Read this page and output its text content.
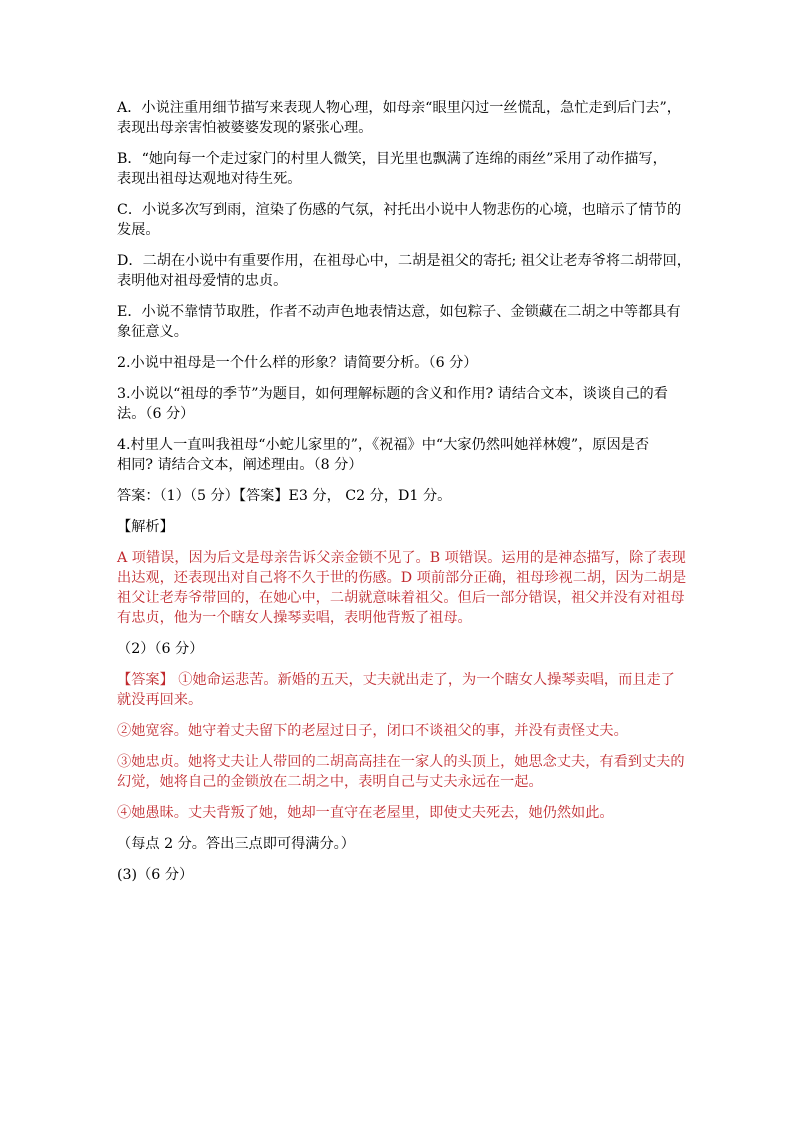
A．小说注重用细节描写来表现人物心理，如母亲“眼里闪过一丝慌乱，急忙走到后门去”，

表现出母亲害怕被婆婆发现的紧张心理。

B．“她向每一个走过家门的村里人微笑，目光里也飘满了连绵的雨丝”采用了动作描写，

表现出祖母达观地对待生死。

C．小说多次写到雨，渲染了伤感的气氛，衬托出小说中人物悲伤的心境，也暗示了情节的

发展。

D．二胡在小说中有重要作用，在祖母心中，二胡是祖父的寄托; 祖父让老寿爷将二胡带回，

表明他对祖母爱情的忠贞。

E．小说不靠情节取胜，作者不动声色地表情达意，如包粽子、金锁藏在二胡之中等都具有

象征意义。

2.小说中祖母是一个什么样的形象？请简要分析。（6 分）

3.小说以“祖母的季节”为题目，如何理解标题的含义和作用? 请结合文本，谈谈自己的看

法。（6 分）

4.村里人一直叫我祖母“小蛇儿家里的”，《祝福》中“大家仍然叫她祥林嫂”，原因是否

相同? 请结合文本，阐述理由。（8 分）

答案：（1）（5 分）【答案】E3 分， C2 分，D1 分。

【解析】

A 项错误，因为后文是母亲告诉父亲金锁不见了。B 项错误。运用的是神态描写，除了表现

出达观，还表现出对自己将不久于世的伤感。D 项前部分正确，祖母珍视二胡，因为二胡是

祖父让老寿爷带回的，在她心中，二胡就意味着祖父。但后一部分错误，祖父并没有对祖母

有忠贞，他为一个瞎女人操琴卖唱，表明他背叛了祖母。

（2）（6 分）

【答案】 ①她命运悲苦。新婚的五天，丈夫就出走了，为一个瞎女人操琴卖唱，而且走了

就没再回来。

②她宽容。她守着丈夫留下的老屋过日子，闭口不谈祖父的事，并没有责怪丈夫。

③她忠贞。她将丈夫让人带回的二胡高高挂在一家人的头顶上，她思念丈夫，有看到丈夫的

幻觉，她将自己的金锁放在二胡之中，表明自己与丈夫永远在一起。

④她愚昧。丈夫背叛了她，她却一直守在老屋里，即使丈夫死去，她仍然如此。

（每点 2 分。答出三点即可得满分。）

(3)（6 分）
